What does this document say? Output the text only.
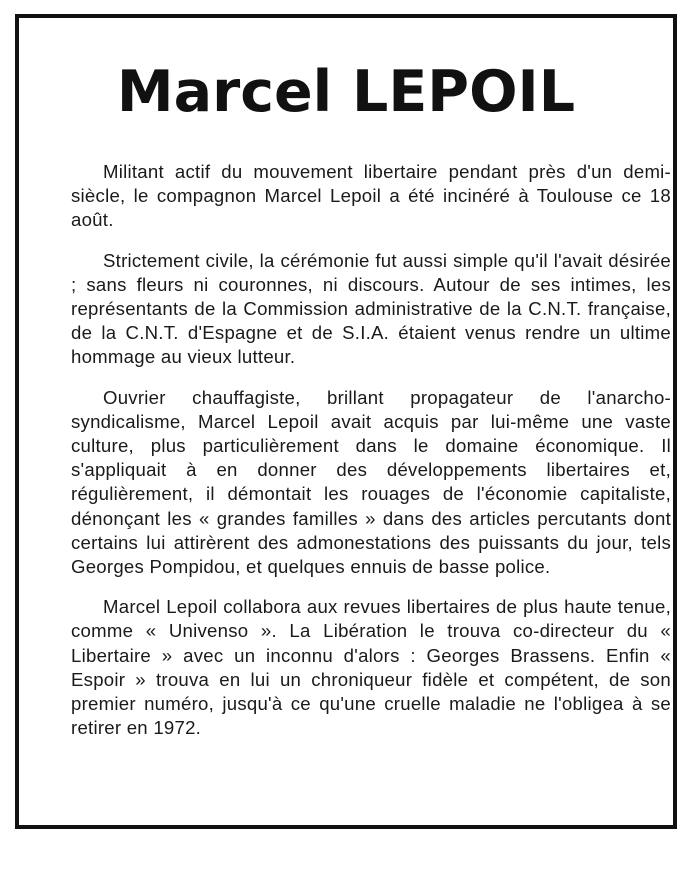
Marcel LEPOIL

Militant actif du mouvement libertaire pendant près d'un demi-siècle, le compagnon Marcel Lepoil a été incinéré à Toulouse ce 18 août.

Strictement civile, la cérémonie fut aussi simple qu'il l'avait désirée ; sans fleurs ni couronnes, ni discours. Autour de ses intimes, les représentants de la Commission administrative de la C.N.T. française, de la C.N.T. d'Espagne et de S.I.A. étaient venus rendre un ultime hommage au vieux lutteur.

Ouvrier chauffagiste, brillant propagateur de l'anarcho-syndicalisme, Marcel Lepoil avait acquis par lui-même une vaste culture, plus particulièrement dans le domaine économique. Il s'appliquait à en donner des développements libertaires et, régulièrement, il démontait les rouages de l'économie capitaliste, dénonçant les « grandes familles » dans des articles percutants dont certains lui attirèrent des admonestations des puissants du jour, tels Georges Pompidou, et quelques ennuis de basse police.

Marcel Lepoil collabora aux revues libertaires de plus haute tenue, comme « Univenso ». La Libération le trouva co-directeur du « Libertaire » avec un inconnu d'alors : Georges Brassens. Enfin « Espoir » trouva en lui un chroniqueur fidèle et compétent, de son premier numéro, jusqu'à ce qu'une cruelle maladie ne l'obligea à se retirer en 1972.
